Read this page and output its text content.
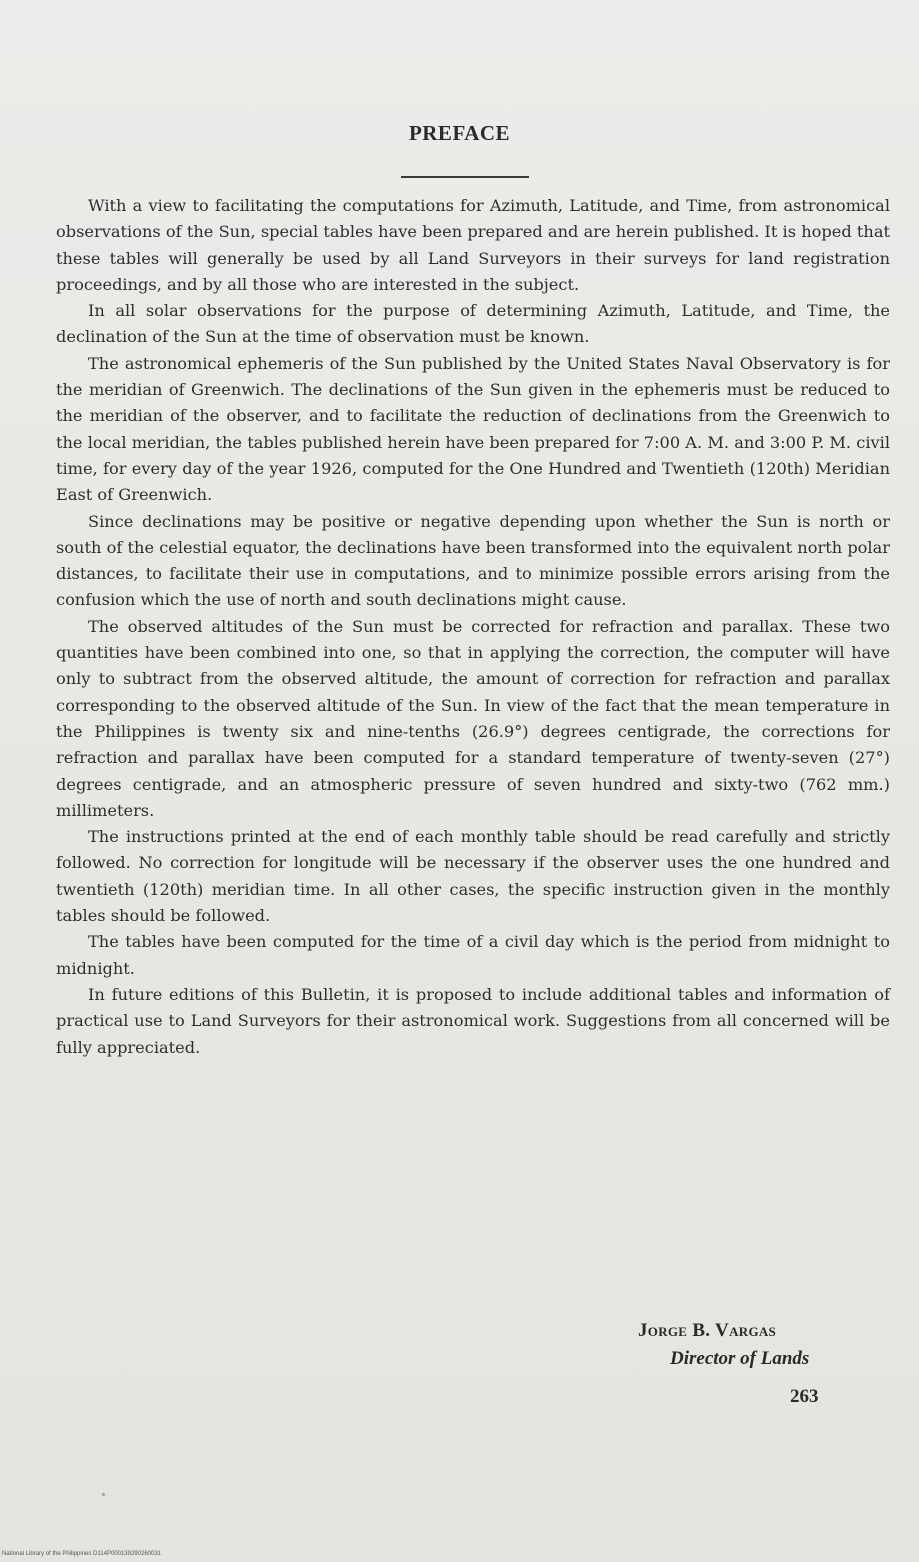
PREFACE

With a view to facilitating the computations for Azimuth, Latitude, and Time, from astronomical observations of the Sun, special tables have been prepared and are herein published. It is hoped that these tables will generally be used by all Land Surveyors in their surveys for land registration proceedings, and by all those who are interested in the subject.

In all solar observations for the purpose of determining Azimuth, Latitude, and Time, the declination of the Sun at the time of observation must be known.

The astronomical ephemeris of the Sun published by the United States Naval Observatory is for the meridian of Greenwich. The declinations of the Sun given in the ephemeris must be reduced to the meridian of the observer, and to facilitate the reduction of declinations from the Greenwich to the local meridian, the tables published herein have been prepared for 7:00 A. M. and 3:00 P. M. civil time, for every day of the year 1926, computed for the One Hundred and Twentieth (120th) Meridian East of Greenwich.

Since declinations may be positive or negative depending upon whether the Sun is north or south of the celestial equator, the declinations have been transformed into the equivalent north polar distances, to facilitate their use in computations, and to minimize possible errors arising from the confusion which the use of north and south declinations might cause.

The observed altitudes of the Sun must be corrected for refraction and parallax. These two quantities have been combined into one, so that in applying the correction, the computer will have only to subtract from the observed altitude, the amount of correction for refraction and parallax corresponding to the observed altitude of the Sun. In view of the fact that the mean temperature in the Philippines is twenty six and nine-tenths (26.9°) degrees centigrade, the corrections for refraction and parallax have been computed for a standard temperature of twenty-seven (27°) degrees centigrade, and an atmospheric pressure of seven hundred and sixty-two (762 mm.) millimeters.

The instructions printed at the end of each monthly table should be read carefully and strictly followed. No correction for longitude will be necessary if the observer uses the one hundred and twentieth (120th) meridian time. In all other cases, the specific instruction given in the monthly tables should be followed.

The tables have been computed for the time of a civil day which is the period from midnight to midnight.

In future editions of this Bulletin, it is proposed to include additional tables and information of practical use to Land Surveyors for their astronomical work. Suggestions from all concerned will be fully appreciated.

Jorge B. Vargas
Director of Lands
263
National Library of the Philippines D114P000139290260031
